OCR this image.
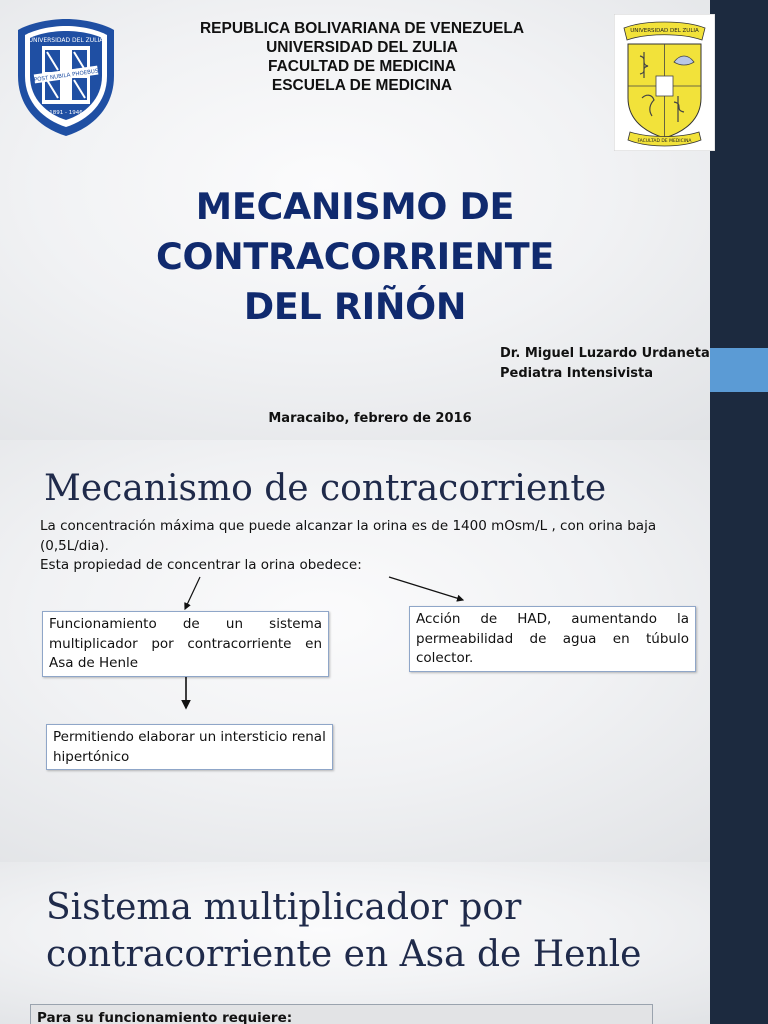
POST NUBILA PHOEBUS
UNIVERSIDAD DEL ZULIA
1891 - 1946
REPUBLICA BOLIVARIANA DE VENEZUELA
UNIVERSIDAD DEL ZULIA
FACULTAD DE MEDICINA
ESCUELA DE MEDICINA
UNIVERSIDAD DEL ZULIA
FACULTAD DE MEDICINA
MECANISMO DE CONTRACORRIENTE
DEL RIÑÓN
Dr. Miguel Luzardo Urdaneta
Pediatra Intensivista
Maracaibo, febrero de 2016
Mecanismo de contracorriente
La concentración máxima que puede alcanzar la orina es de 1400 mOsm/L , con orina baja (0,5L/dia).
Esta propiedad de concentrar la orina obedece:
Funcionamiento de un sistema multiplicador por contracorriente en Asa de Henle
Acción de HAD, aumentando la permeabilidad de agua en túbulo colector.
Permitiendo elaborar un intersticio renal hipertónico
Sistema multiplicador por
contracorriente en Asa de Henle
Para su funcionamiento requiere:
